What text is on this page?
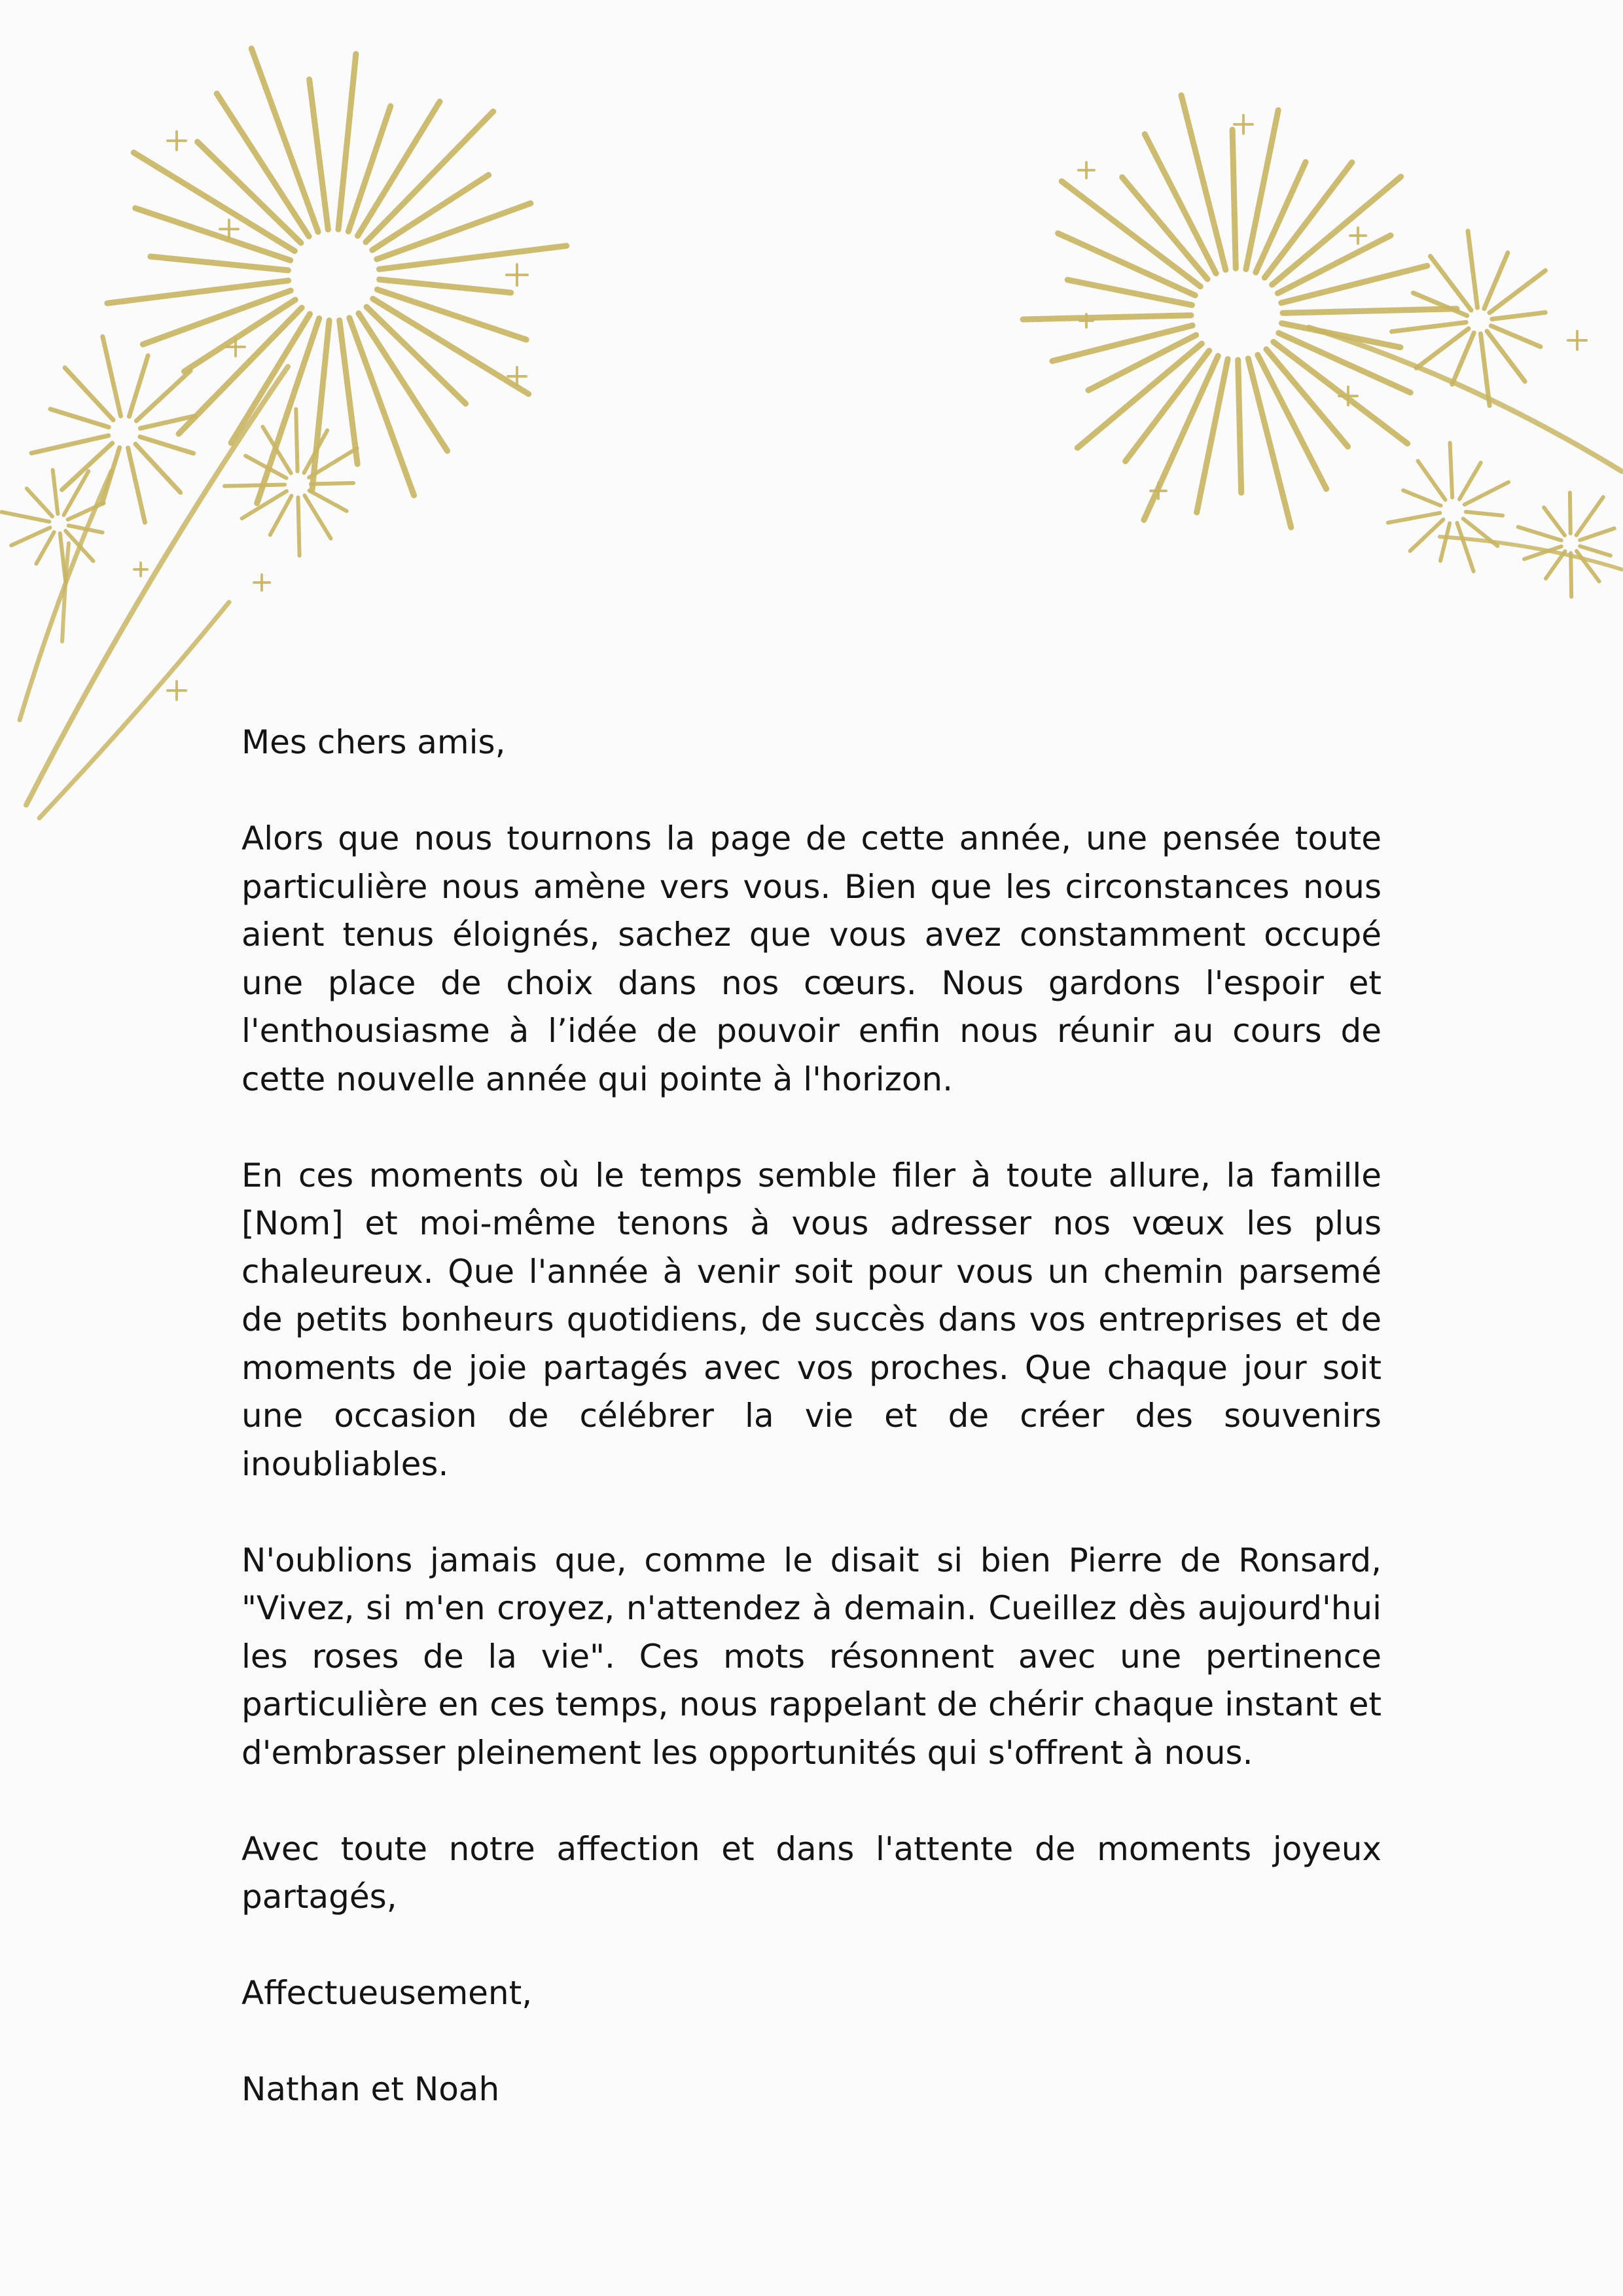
Mes chers amis,

Alors que nous tournons la page de cette année, une pensée toute particulière nous amène vers vous. Bien que les circonstances nous aient tenus éloignés, sachez que vous avez constamment occupé une place de choix dans nos cœurs. Nous gardons l'espoir et l'enthousiasme à l’idée de pouvoir enfin nous réunir au cours de cette nouvelle année qui pointe à l'horizon.

En ces moments où le temps semble filer à toute allure, la famille [Nom] et moi-même tenons à vous adresser nos vœux les plus chaleureux. Que l'année à venir soit pour vous un chemin parsemé de petits bonheurs quotidiens, de succès dans vos entreprises et de moments de joie partagés avec vos proches. Que chaque jour soit une occasion de célébrer la vie et de créer des souvenirs inoubliables.

N'oublions jamais que, comme le disait si bien Pierre de Ronsard, "Vivez, si m'en croyez, n'attendez à demain. Cueillez dès aujourd'hui les roses de la vie". Ces mots résonnent avec une pertinence particulière en ces temps, nous rappelant de chérir chaque instant et d'embrasser pleinement les opportunités qui s'offrent à nous.

Avec toute notre affection et dans l'attente de moments joyeux partagés,

Affectueusement,

Nathan et Noah
